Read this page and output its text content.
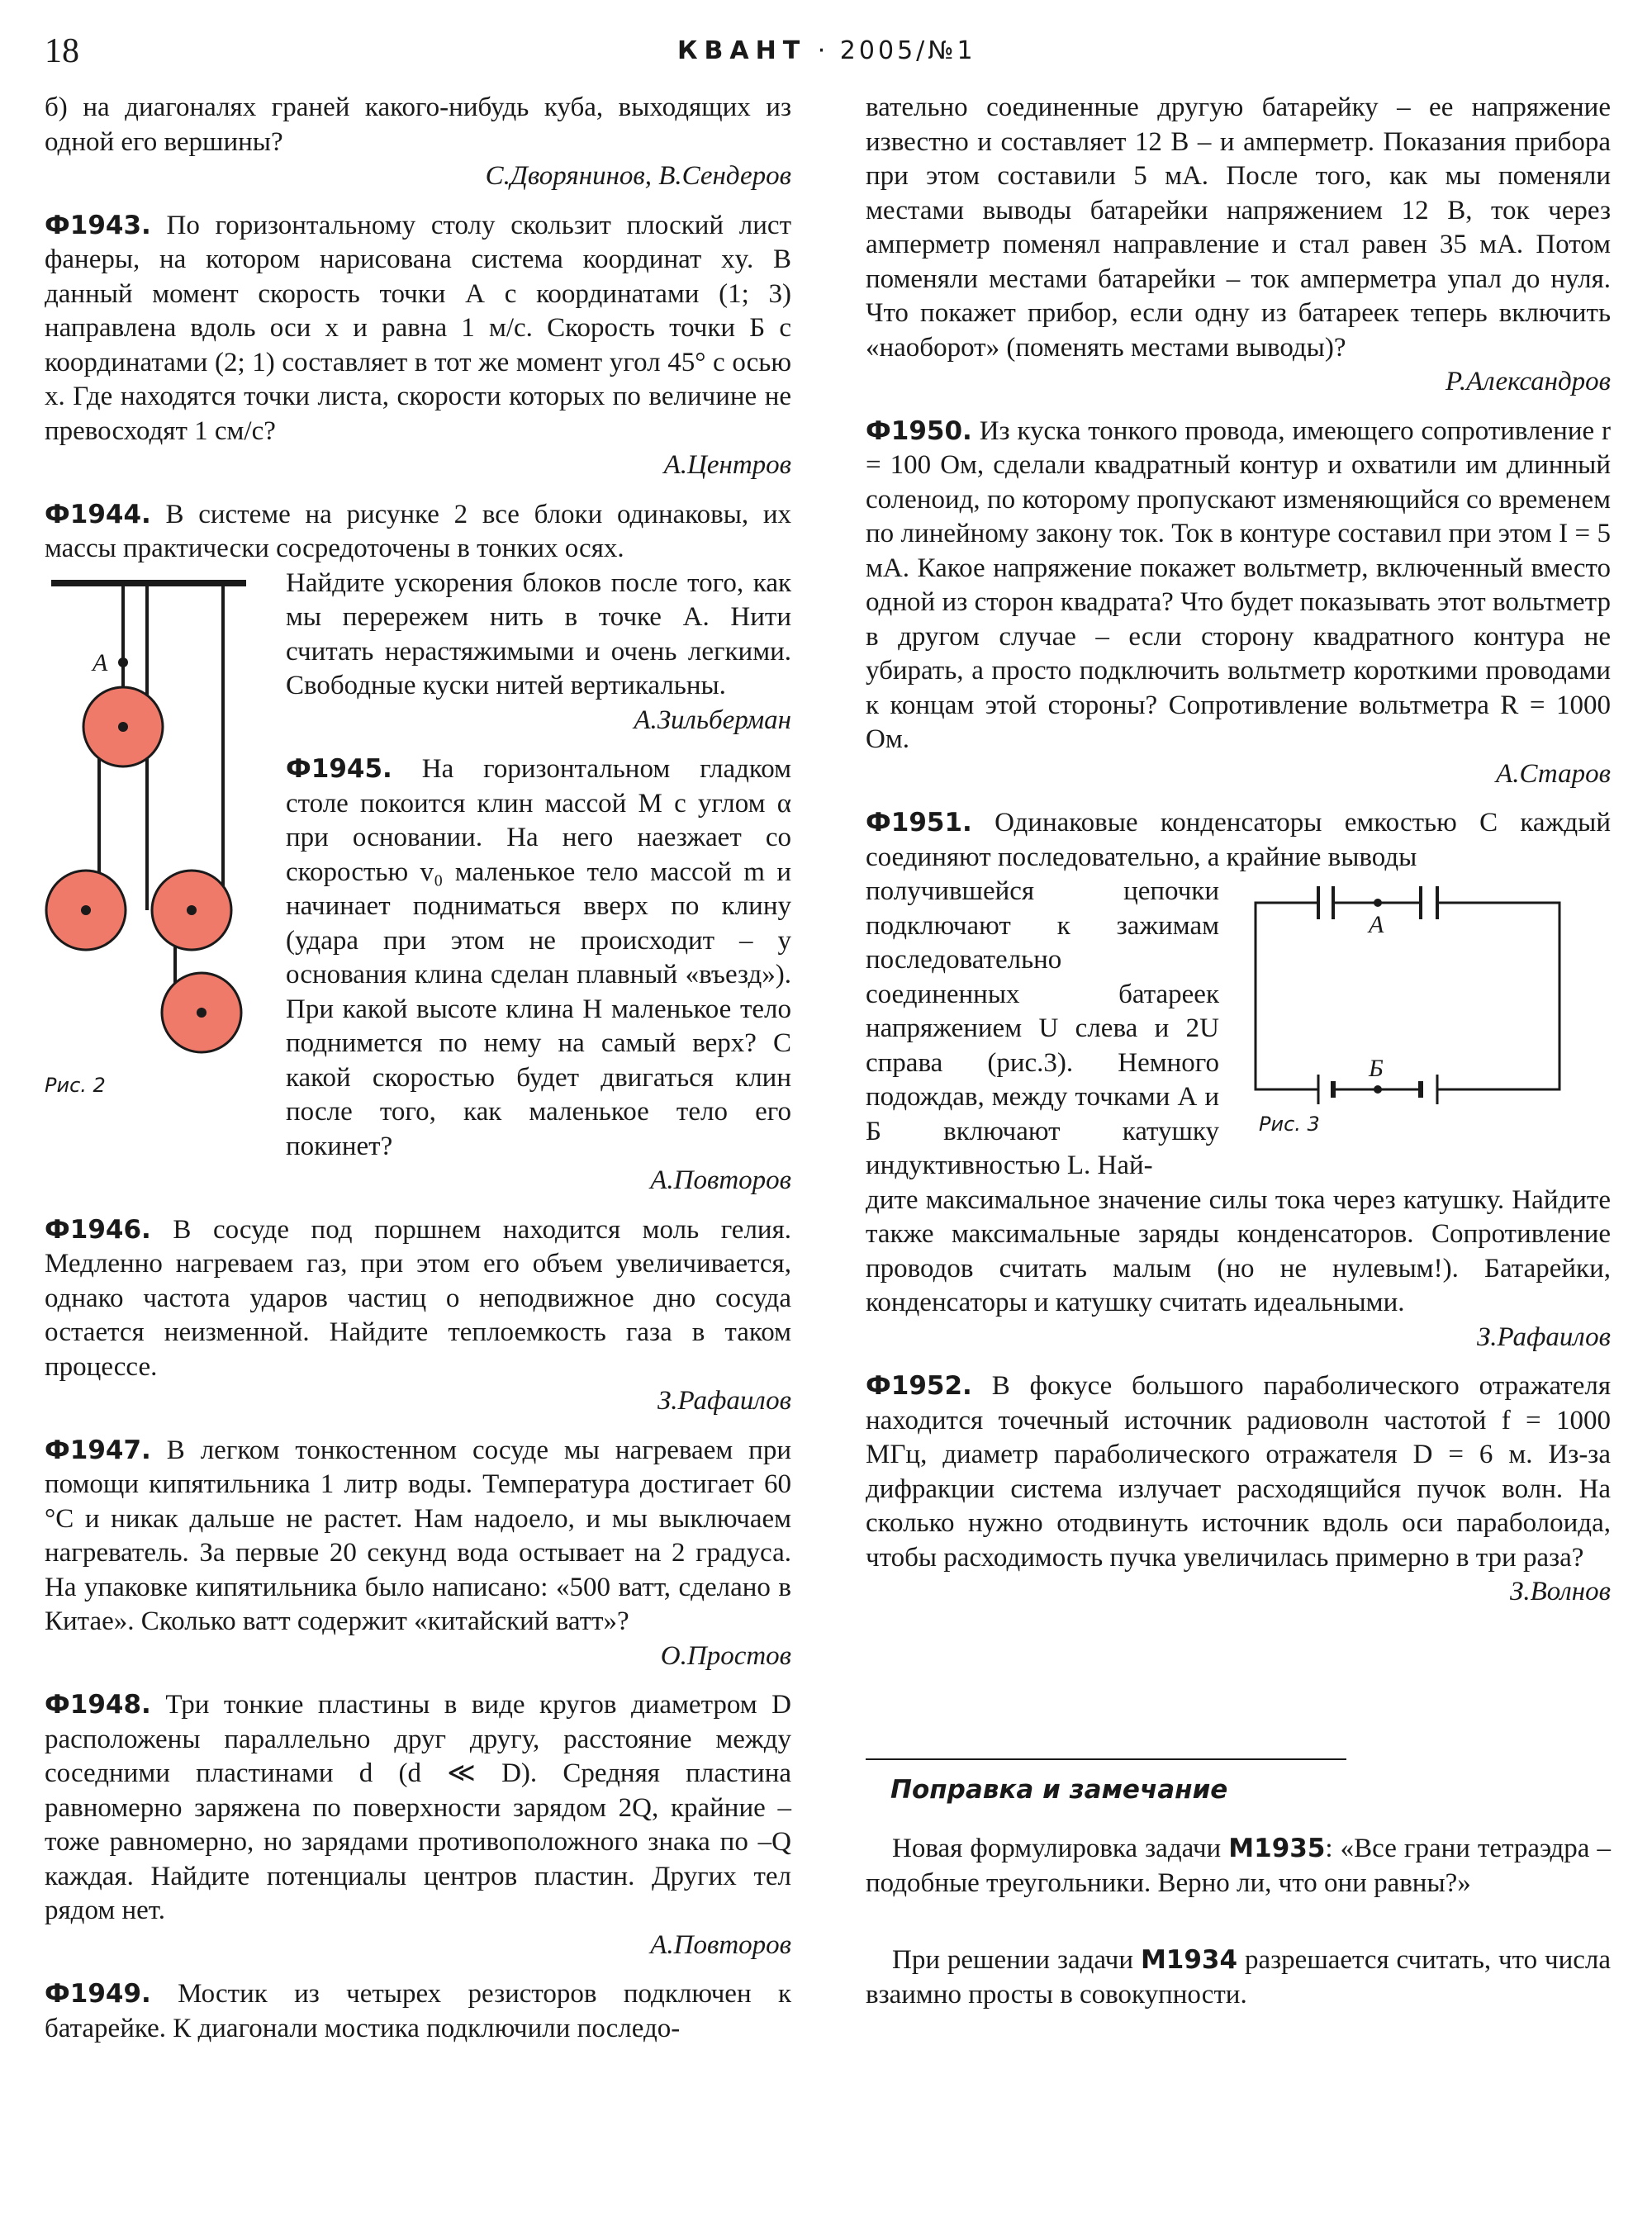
18	КВАНТ · 2005/№1

б) на диагоналях граней какого-нибудь куба, выходящих из одной его вершины?

С.Дворянинов, В.Сендеров

Ф1943. По горизонтальному столу скользит плоский лист фанеры, на котором нарисована система координат xy. В данный момент скорость точки А с координатами (1; 3) направлена вдоль оси x и равна 1 м/с. Скорость точки Б с координатами (2; 1) составляет в тот же момент угол 45° с осью x. Где находятся точки листа, скорости которых по величине не превосходят 1 см/с?

А.Центров

Ф1944. В системе на рисунке 2 все блоки одинаковы, их массы практически сосредоточены в тонких осях.

А
Рис. 2

Найдите ускорения блоков после того, как мы перережем нить в точке А. Нити считать нерастяжимыми и очень легкими. Свободные куски нитей вертикальны.

А.Зильберман

Ф1945. На горизонтальном гладком столе покоится клин массой M с углом α при основании. На него наезжает со скоростью v₀ маленькое тело массой m и начинает подниматься вверх по клину (удара при этом не происходит – у основания клина сделан плавный «въезд»). При какой высоте клина H маленькое тело поднимется по нему на самый верх? С какой скоростью будет двигаться клин после того, как маленькое тело его покинет?

А.Повторов

Ф1946. В сосуде под поршнем находится моль гелия. Медленно нагреваем газ, при этом его объем увеличивается, однако частота ударов частиц о неподвижное дно сосуда остается неизменной. Найдите теплоемкость газа в таком процессе.

З.Рафаилов

Ф1947. В легком тонкостенном сосуде мы нагреваем при помощи кипятильника 1 литр воды. Температура достигает 60 °С и никак дальше не растет. Нам надоело, и мы выключаем нагреватель. За первые 20 секунд вода остывает на 2 градуса. На упаковке кипятильника было написано: «500 ватт, сделано в Китае». Сколько ватт содержит «китайский ватт»?

О.Простов

Ф1948. Три тонкие пластины в виде кругов диаметром D расположены параллельно друг другу, расстояние между соседними пластинами d (d ≪ D). Средняя пластина равномерно заряжена по поверхности зарядом 2Q, крайние – тоже равномерно, но зарядами противоположного знака по –Q каждая. Найдите потенциалы центров пластин. Других тел рядом нет.

А.Повторов

Ф1949. Мостик из четырех резисторов подключен к батарейке. К диагонали мостика подключили последо-

вательно соединенные другую батарейку – ее напряжение известно и составляет 12 В – и амперметр. Показания прибора при этом составили 5 мА. После того, как мы поменяли местами выводы батарейки напряжением 12 В, ток через амперметр поменял направление и стал равен 35 мА. Потом поменяли местами батарейки – ток амперметра упал до нуля. Что покажет прибор, если одну из батареек теперь включить «наоборот» (поменять местами выводы)?

Р.Александров

Ф1950. Из куска тонкого провода, имеющего сопротивление r = 100 Ом, сделали квадратный контур и охватили им длинный соленоид, по которому пропускают изменяющийся со временем по линейному закону ток. Ток в контуре составил при этом I = 5 мА. Какое напряжение покажет вольтметр, включенный вместо одной из сторон квадрата? Что будет показывать этот вольтметр в другом случае – если сторону квадратного контура не убирать, а просто подключить вольтметр короткими проводами к концам этой стороны? Сопротивление вольтметра R = 1000 Ом.

А.Старов

Ф1951. Одинаковые конденсаторы емкостью C каждый соединяют последовательно, а крайние выводы

получившейся цепочки подключают к зажимам последовательно соединенных батареек напряжением U слева и 2U справа (рис.3). Немного подождав, между точками А и Б включают катушку индуктивностью L. Най-

А
Б
Рис. 3

дите максимальное значение силы тока через катушку. Найдите также максимальные заряды конденсаторов. Сопротивление проводов считать малым (но не нулевым!). Батарейки, конденсаторы и катушку считать идеальными.

З.Рафаилов

Ф1952. В фокусе большого параболического отражателя находится точечный источник радиоволн частотой f = 1000 МГц, диаметр параболического отражателя D = 6 м. Из-за дифракции система излучает расходящийся пучок волн. На сколько нужно отодвинуть источник вдоль оси параболоида, чтобы расходимость пучка увеличилась примерно в три раза?

З.Волнов

Поправка и замечание

Новая формулировка задачи М1935: «Все грани тетраэдра – подобные треугольники. Верно ли, что они равны?»

При решении задачи М1934 разрешается считать, что числа взаимно просты в совокупности.
